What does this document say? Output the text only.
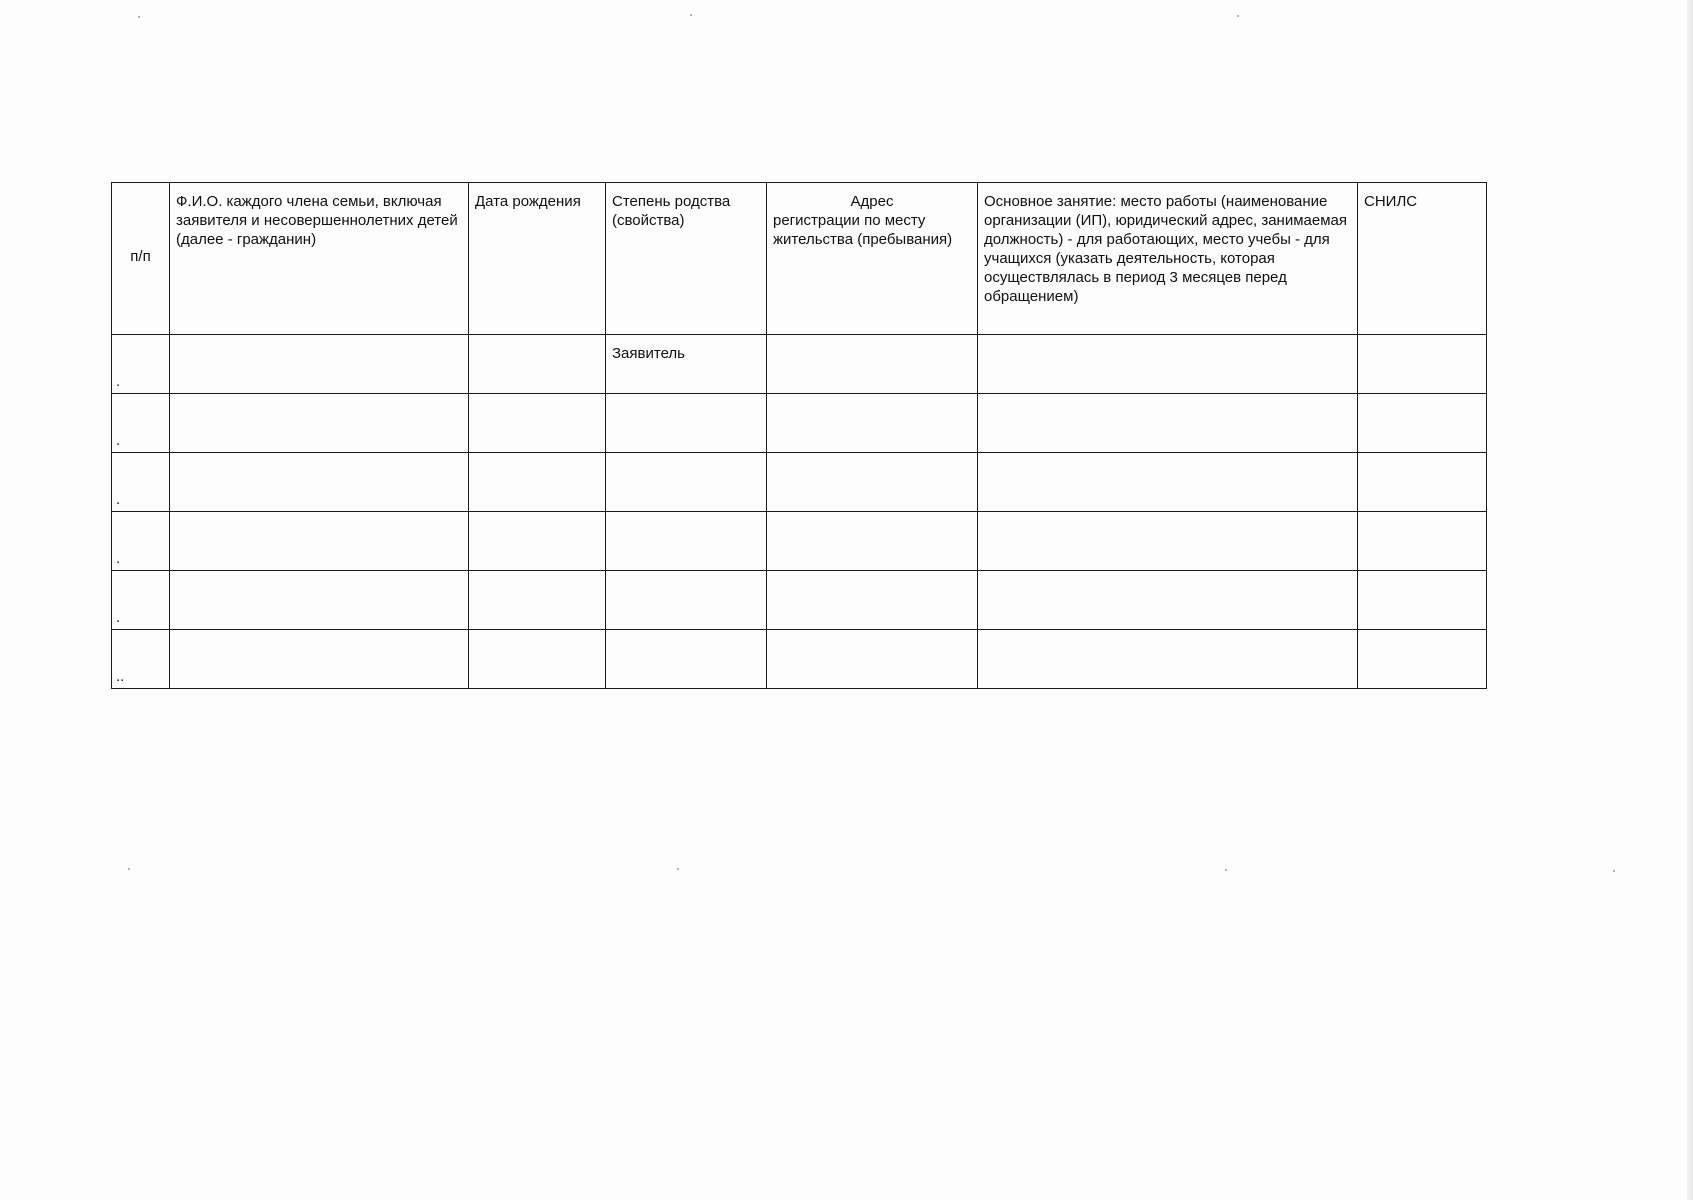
п/п	Ф.И.О. каждого члена семьи, включая заявителя и несовершеннолетних детей (далее - гражданин)	Дата рождения	Степень родства (свойства)	Адрес
регистрации по месту жительства (пребывания)	Основное занятие: место работы (наименование организации (ИП), юридический адрес, занимаемая должность) - для работающих, место учебы - для учащихся (указать деятельность, которая осуществлялась в период 3 месяцев перед обращением)	СНИЛС
.			Заявитель			
.						
.						
.						
.						
..						
